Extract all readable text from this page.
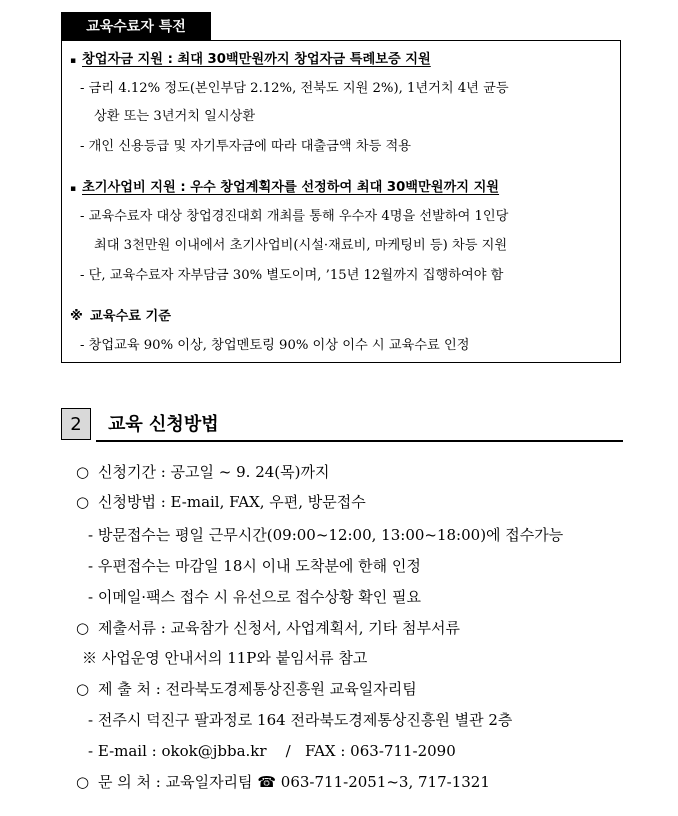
교육수료자 특전
▪ 창업자금 지원 : 최대 30백만원까지 창업자금 특례보증 지원
- 금리 4.12% 정도(본인부담 2.12%, 전북도 지원 2%), 1년거치 4년 균등
상환 또는 3년거치 일시상환
- 개인 신용등급 및 자기투자금에 따라 대출금액 차등 적용
▪ 초기사업비 지원 : 우수 창업계획자를 선정하여 최대 30백만원까지 지원
- 교육수료자 대상 창업경진대회 개최를 통해 우수자 4명을 선발하여 1인당
최대 3천만원 이내에서 초기사업비(시설·재료비, 마케팅비 등) 차등 지원
- 단, 교육수료자 자부담금 30% 별도이며, ’15년 12월까지 집행하여야 함
※ 교육수료 기준
- 창업교육 90% 이상, 창업멘토링 90% 이상 이수 시 교육수료 인정
2	교육 신청방법
○ 신청기간 : 공고일 ~ 9. 24(목)까지
○ 신청방법 : E-mail, FAX, 우편, 방문접수
- 방문접수는 평일 근무시간(09:00~12:00, 13:00~18:00)에 접수가능
- 우편접수는 마감일 18시 이내 도착분에 한해 인정
- 이메일·팩스 접수 시 유선으로 접수상황 확인 필요
○ 제출서류 : 교육참가 신청서, 사업계획서, 기타 첨부서류
※ 사업운영 안내서의 11P와 붙임서류 참고
○ 제 출 처 : 전라북도경제통상진흥원 교육일자리팀
- 전주시 덕진구 팔과정로 164 전라북도경제통상진흥원 별관 2층
- E-mail : okok@jbba.kr    /   FAX : 063-711-2090
○ 문 의 처 : 교육일자리팀 ☎ 063-711-2051~3, 717-1321
